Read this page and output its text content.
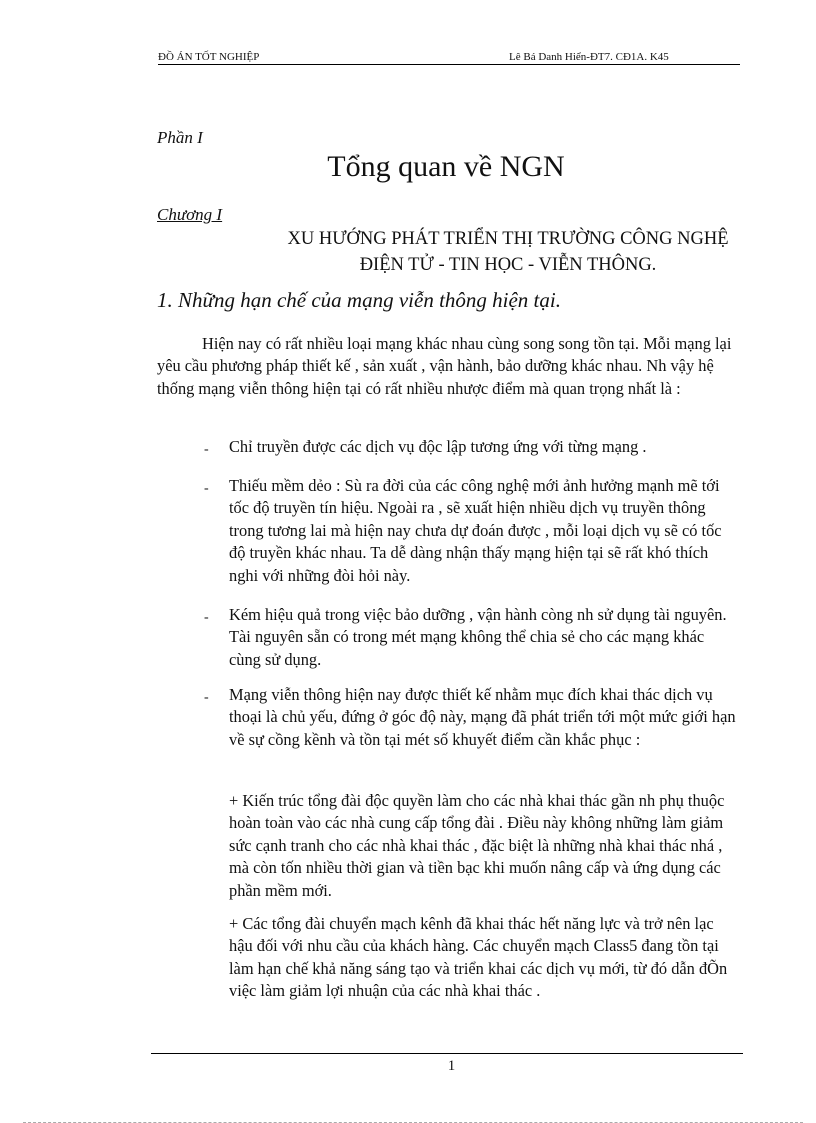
ĐỒ ÁN TỐT NGHIỆP	Lê Bá Danh Hiển-ĐT7. CĐ1A. K45
Phần I
Tổng quan về NGN
Chương I
XU HƯỚNG PHÁT TRIỂN THỊ TRƯỜNG CÔNG NGHỆ ĐIỆN TỬ - TIN HỌC - VIỄN THÔNG.
1. Những hạn chế của mạng viễn thông hiện tại.
Hiện nay có rất nhiều loại mạng khác nhau cùng song song tồn tại. Mỗi mạng lại yêu cầu phương pháp thiết kế , sản xuất , vận hành, bảo dưỡng khác nhau. Nh vậy hệ thống mạng viễn thông hiện tại có rất nhiều nhược điểm mà quan trọng nhất là :
- Chỉ truyền được các dịch vụ độc lập tương ứng với từng mạng .
- Thiếu mềm dẻo : Sù ra đời của các công nghệ mới ảnh hưởng mạnh mẽ tới tốc độ truyền tín hiệu. Ngoài ra , sẽ xuất hiện nhiều dịch vụ truyền thông trong tương lai mà hiện nay chưa dự đoán được , mỗi loại dịch vụ sẽ có tốc độ truyền khác nhau. Ta dễ dàng nhận thấy mạng hiện tại sẽ rất khó thích nghi với những đòi hỏi này.
- Kém hiệu quả trong việc bảo dưỡng , vận hành còng nh sử dụng tài nguyên. Tài nguyên sẵn có trong mét mạng không thể chia sẻ cho các mạng khác cùng sử dụng.
- Mạng viễn thông hiện nay được thiết kế nhằm mục đích khai thác dịch vụ thoại là chủ yếu, đứng ở góc độ này, mạng đã phát triển tới một mức giới hạn về sự cồng kềnh và tồn tại mét số khuyết điểm cần khắc phục :
+ Kiến trúc tổng đài độc quyền làm cho các nhà khai thác gần nh phụ thuộc hoàn toàn vào các nhà cung cấp tổng đài . Điều này không những làm giảm sức cạnh tranh cho các nhà khai thác , đặc biệt là những nhà khai thác nhá , mà còn tốn nhiều thời gian và tiền bạc khi muốn nâng cấp và ứng dụng các phần mềm mới.
+ Các tổng đài chuyển mạch kênh đã khai thác hết năng lực và trở nên lạc hậu đối với nhu cầu của khách hàng. Các chuyển mạch Class5 đang tồn tại làm hạn chế khả năng sáng tạo và triển khai các dịch vụ mới, từ đó dẫn đÕn việc làm giảm lợi nhuận của các nhà khai thác .
1
